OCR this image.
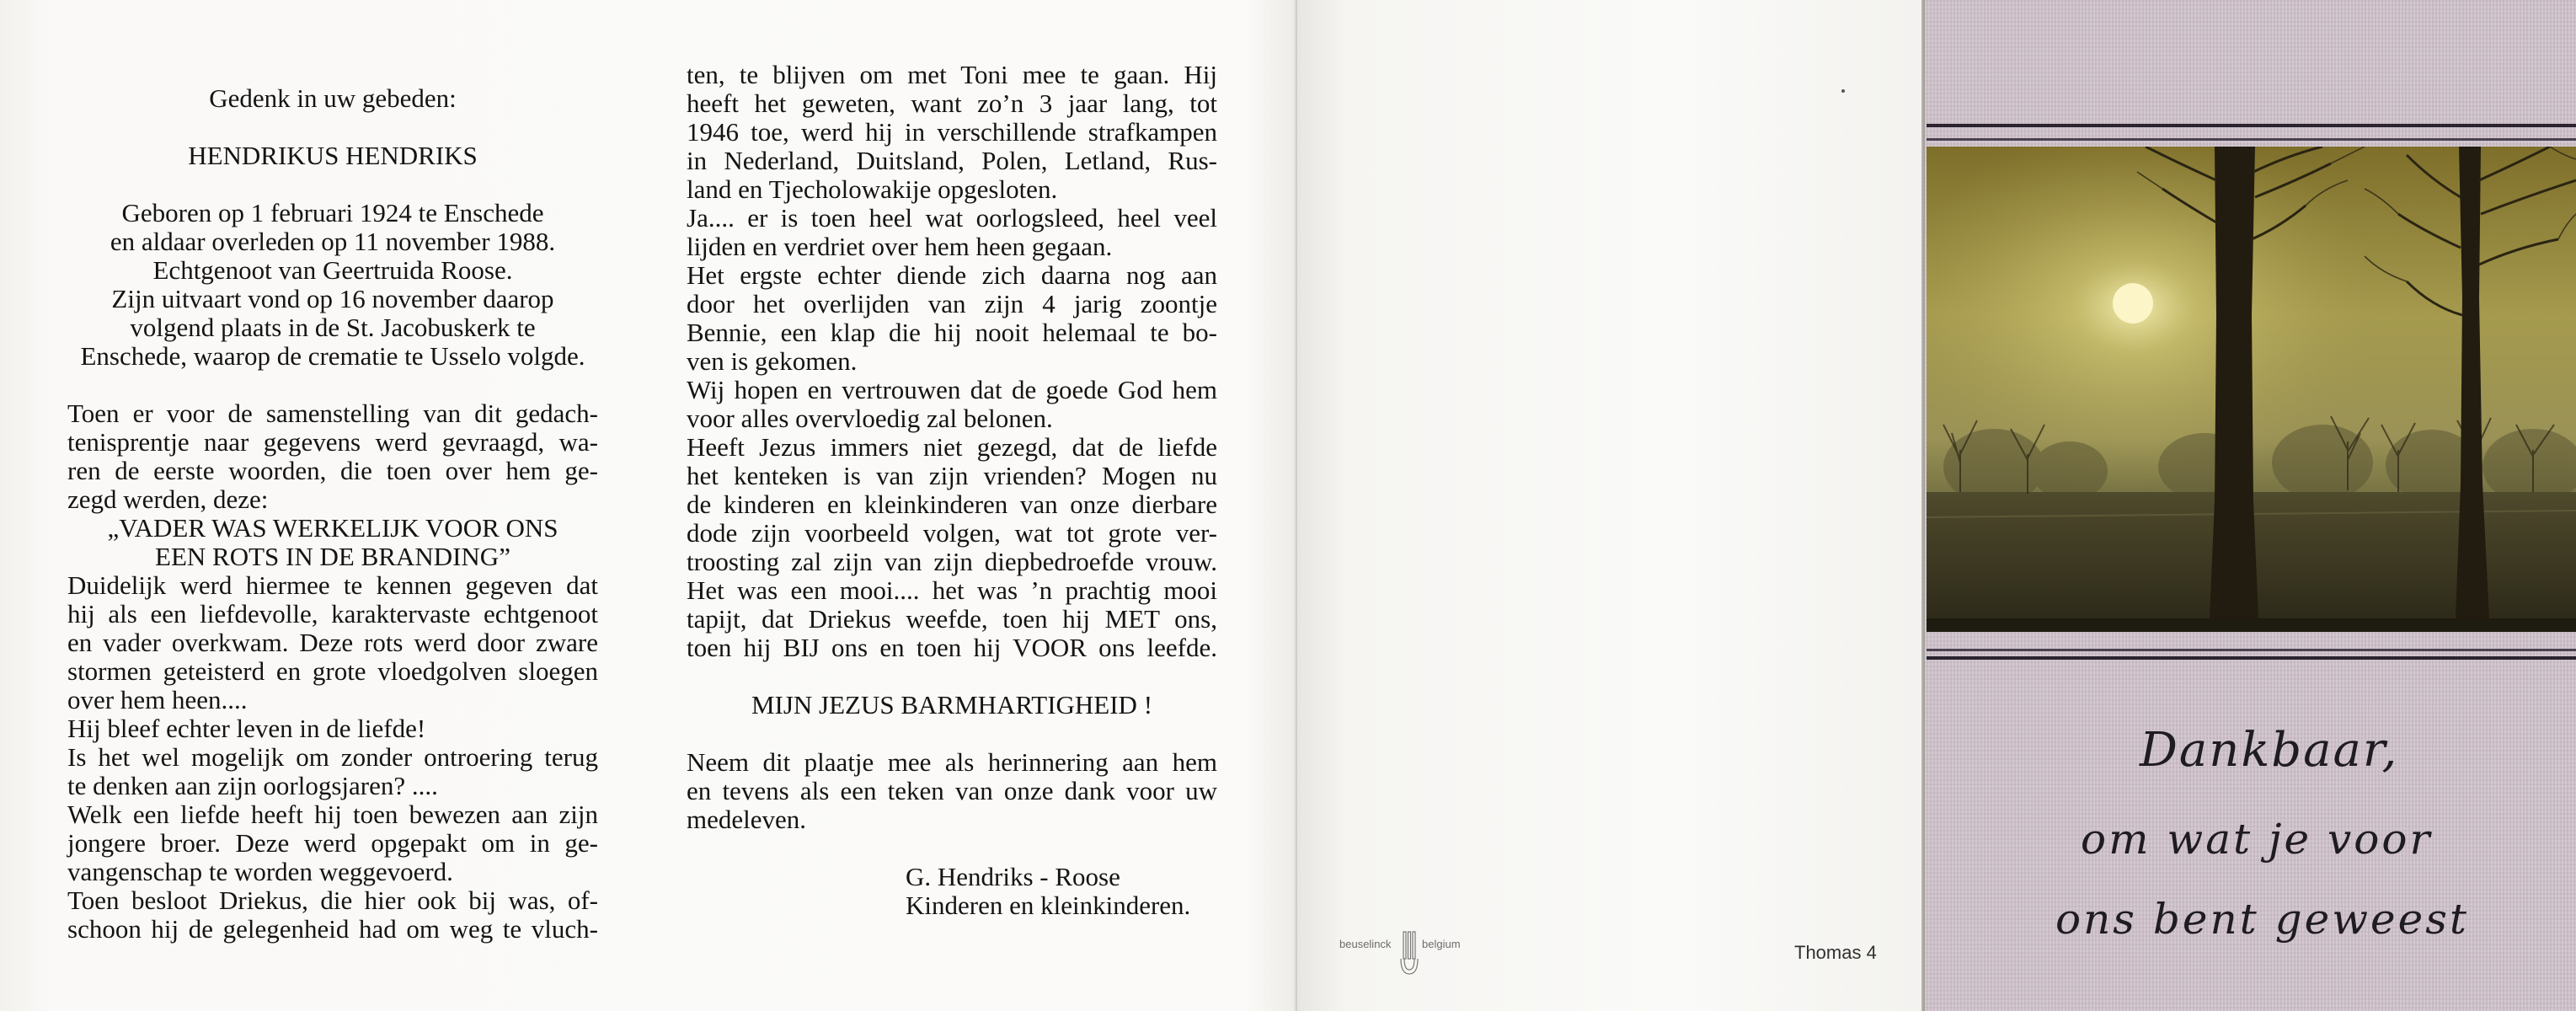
Gedenk in uw gebeden:
HENDRIKUS HENDRIKS
Geboren op 1 februari 1924 te Enschede
en aldaar overleden op 11 november 1988.
Echtgenoot van Geertruida Roose.
Zijn uitvaart vond op 16 november daarop
volgend plaats in de St. Jacobuskerk te
Enschede, waarop de crematie te Usselo volgde.
Toen er voor de samenstelling van dit gedach-
tenisprentje naar gegevens werd gevraagd, wa-
ren de eerste woorden, die toen over hem ge-
zegd werden, deze:
„VADER WAS WERKELIJK VOOR ONS
EEN ROTS IN DE BRANDING”
Duidelijk werd hiermee te kennen gegeven dat
hij als een liefdevolle, karaktervaste echtgenoot
en vader overkwam. Deze rots werd door zware
stormen geteisterd en grote vloedgolven sloegen
over hem heen....
Hij bleef echter leven in de liefde!
Is het wel mogelijk om zonder ontroering terug
te denken aan zijn oorlogsjaren? ....
Welk een liefde heeft hij toen bewezen aan zijn
jongere broer. Deze werd opgepakt om in ge-
vangenschap te worden weggevoerd.
Toen besloot Driekus, die hier ook bij was, of-
schoon hij de gelegenheid had om weg te vluch-
ten, te blijven om met Toni mee te gaan. Hij
heeft het geweten, want zo’n 3 jaar lang, tot
1946 toe, werd hij in verschillende strafkampen
in Nederland, Duitsland, Polen, Letland, Rus-
land en Tjecholowakije opgesloten.
Ja.... er is toen heel wat oorlogsleed, heel veel
lijden en verdriet over hem heen gegaan.
Het ergste echter diende zich daarna nog aan
door het overlijden van zijn 4 jarig zoontje
Bennie, een klap die hij nooit helemaal te bo-
ven is gekomen.
Wij hopen en vertrouwen dat de goede God hem
voor alles overvloedig zal belonen.
Heeft Jezus immers niet gezegd, dat de liefde
het kenteken is van zijn vrienden? Mogen nu
de kinderen en kleinkinderen van onze dierbare
dode zijn voorbeeld volgen, wat tot grote ver-
troosting zal zijn van zijn diepbedroefde vrouw.
Het was een mooi.... het was ’n prachtig mooi
tapijt, dat Driekus weefde, toen hij MET ons,
toen hij BIJ ons en toen hij VOOR ons leefde.
MIJN JEZUS BARMHARTIGHEID !
Neem dit plaatje mee als herinnering aan hem
en tevens als een teken van onze dank voor uw
medeleven.
G. Hendriks - Roose
Kinderen en kleinkinderen.
beuselinck	belgium	Thomas 4
Dankbaar,
om wat je voor
ons bent geweest
